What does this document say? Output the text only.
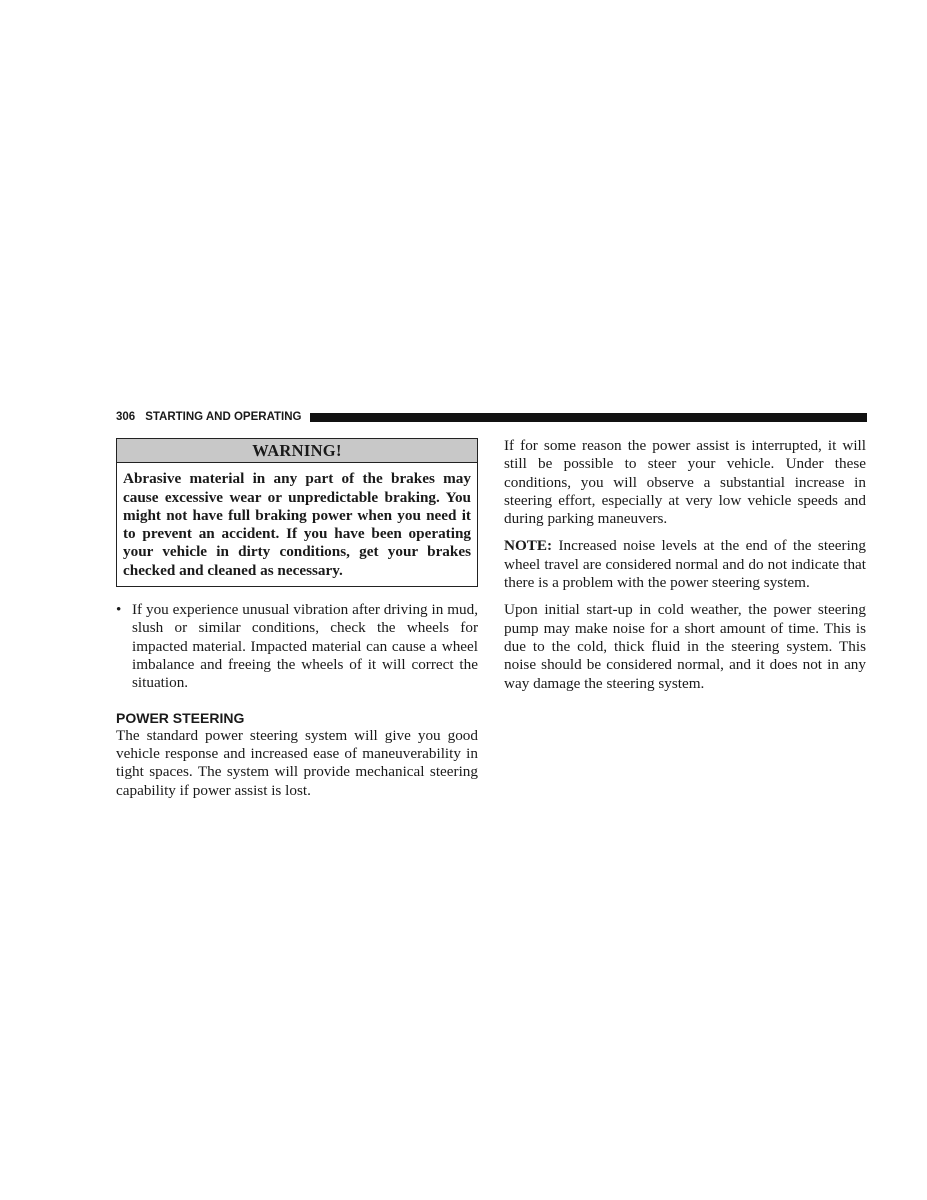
306 STARTING AND OPERATING
WARNING!
Abrasive material in any part of the brakes may cause excessive wear or unpredictable braking. You might not have full braking power when you need it to prevent an accident. If you have been operating your vehicle in dirty conditions, get your brakes checked and cleaned as necessary.
• If you experience unusual vibration after driving in mud, slush or similar conditions, check the wheels for impacted material. Impacted material can cause a wheel imbalance and freeing the wheels of it will correct the situation.
POWER STEERING

The standard power steering system will give you good vehicle response and increased ease of maneuverability in tight spaces. The system will provide mechanical steering capability if power assist is lost.

If for some reason the power assist is interrupted, it will still be possible to steer your vehicle. Under these conditions, you will observe a substantial increase in steering effort, especially at very low vehicle speeds and during parking maneuvers.

NOTE: Increased noise levels at the end of the steering wheel travel are considered normal and do not indicate that there is a problem with the power steering system.

Upon initial start-up in cold weather, the power steering pump may make noise for a short amount of time. This is due to the cold, thick fluid in the steering system. This noise should be considered normal, and it does not in any way damage the steering system.
